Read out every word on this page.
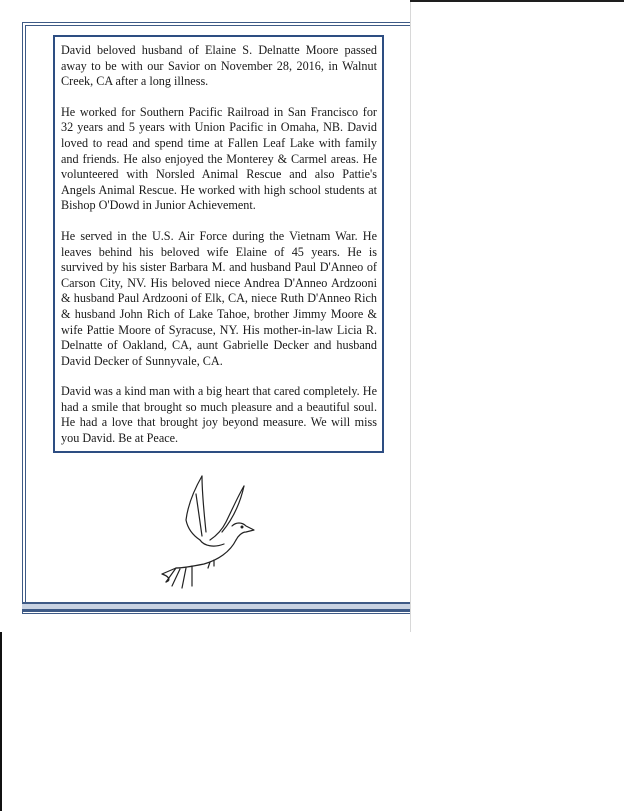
David beloved husband of Elaine S. Delnatte Moore passed away to be with our Savior on November 28, 2016, in Walnut Creek, CA after a long illness.

He worked for Southern Pacific Railroad in San Francisco for 32 years and 5 years with Union Pacific in Omaha, NB. David loved to read and spend time at Fallen Leaf Lake with family and friends. He also enjoyed the Monterey & Carmel areas. He volunteered with Norsled Animal Rescue and also Pattie's Angels Animal Rescue. He worked with high school students at Bishop O'Dowd in Junior Achievement.

He served in the U.S. Air Force during the Vietnam War. He leaves behind his beloved wife Elaine of 45 years. He is survived by his sister Barbara M. and husband Paul D'Anneo of Carson City, NV. His beloved niece Andrea D'Anneo Ardzooni & husband Paul Ardzooni of Elk, CA, niece Ruth D'Anneo Rich & husband John Rich of Lake Tahoe, brother Jimmy Moore & wife Pattie Moore of Syracuse, NY. His mother-in-law Licia R. Delnatte of Oakland, CA, aunt Gabrielle Decker and husband David Decker of Sunnyvale, CA.

David was a kind man with a big heart that cared completely. He had a smile that brought so much pleasure and a beautiful soul. He had a love that brought joy beyond measure. We will miss you David. Be at Peace.
